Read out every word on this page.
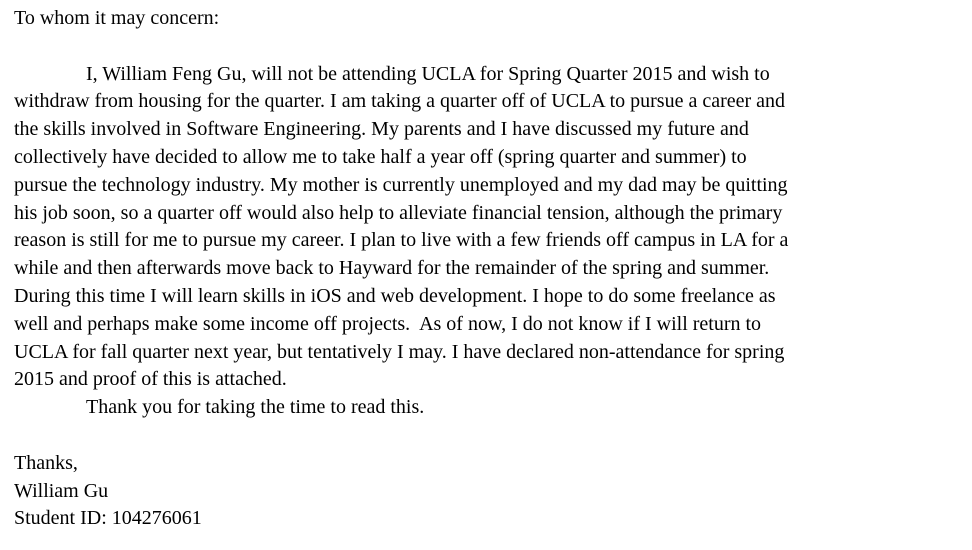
To whom it may concern:
I, William Feng Gu, will not be attending UCLA for Spring Quarter 2015 and wish to
withdraw from housing for the quarter. I am taking a quarter off of UCLA to pursue a career and
the skills involved in Software Engineering. My parents and I have discussed my future and
collectively have decided to allow me to take half a year off (spring quarter and summer) to
pursue the technology industry. My mother is currently unemployed and my dad may be quitting
his job soon, so a quarter off would also help to alleviate financial tension, although the primary
reason is still for me to pursue my career. I plan to live with a few friends off campus in LA for a
while and then afterwards move back to Hayward for the remainder of the spring and summer.
During this time I will learn skills in iOS and web development. I hope to do some freelance as
well and perhaps make some income off projects.  As of now, I do not know if I will return to
UCLA for fall quarter next year, but tentatively I may. I have declared non-attendance for spring
2015 and proof of this is attached.
Thank you for taking the time to read this.
Thanks,
William Gu
Student ID: 104276061
